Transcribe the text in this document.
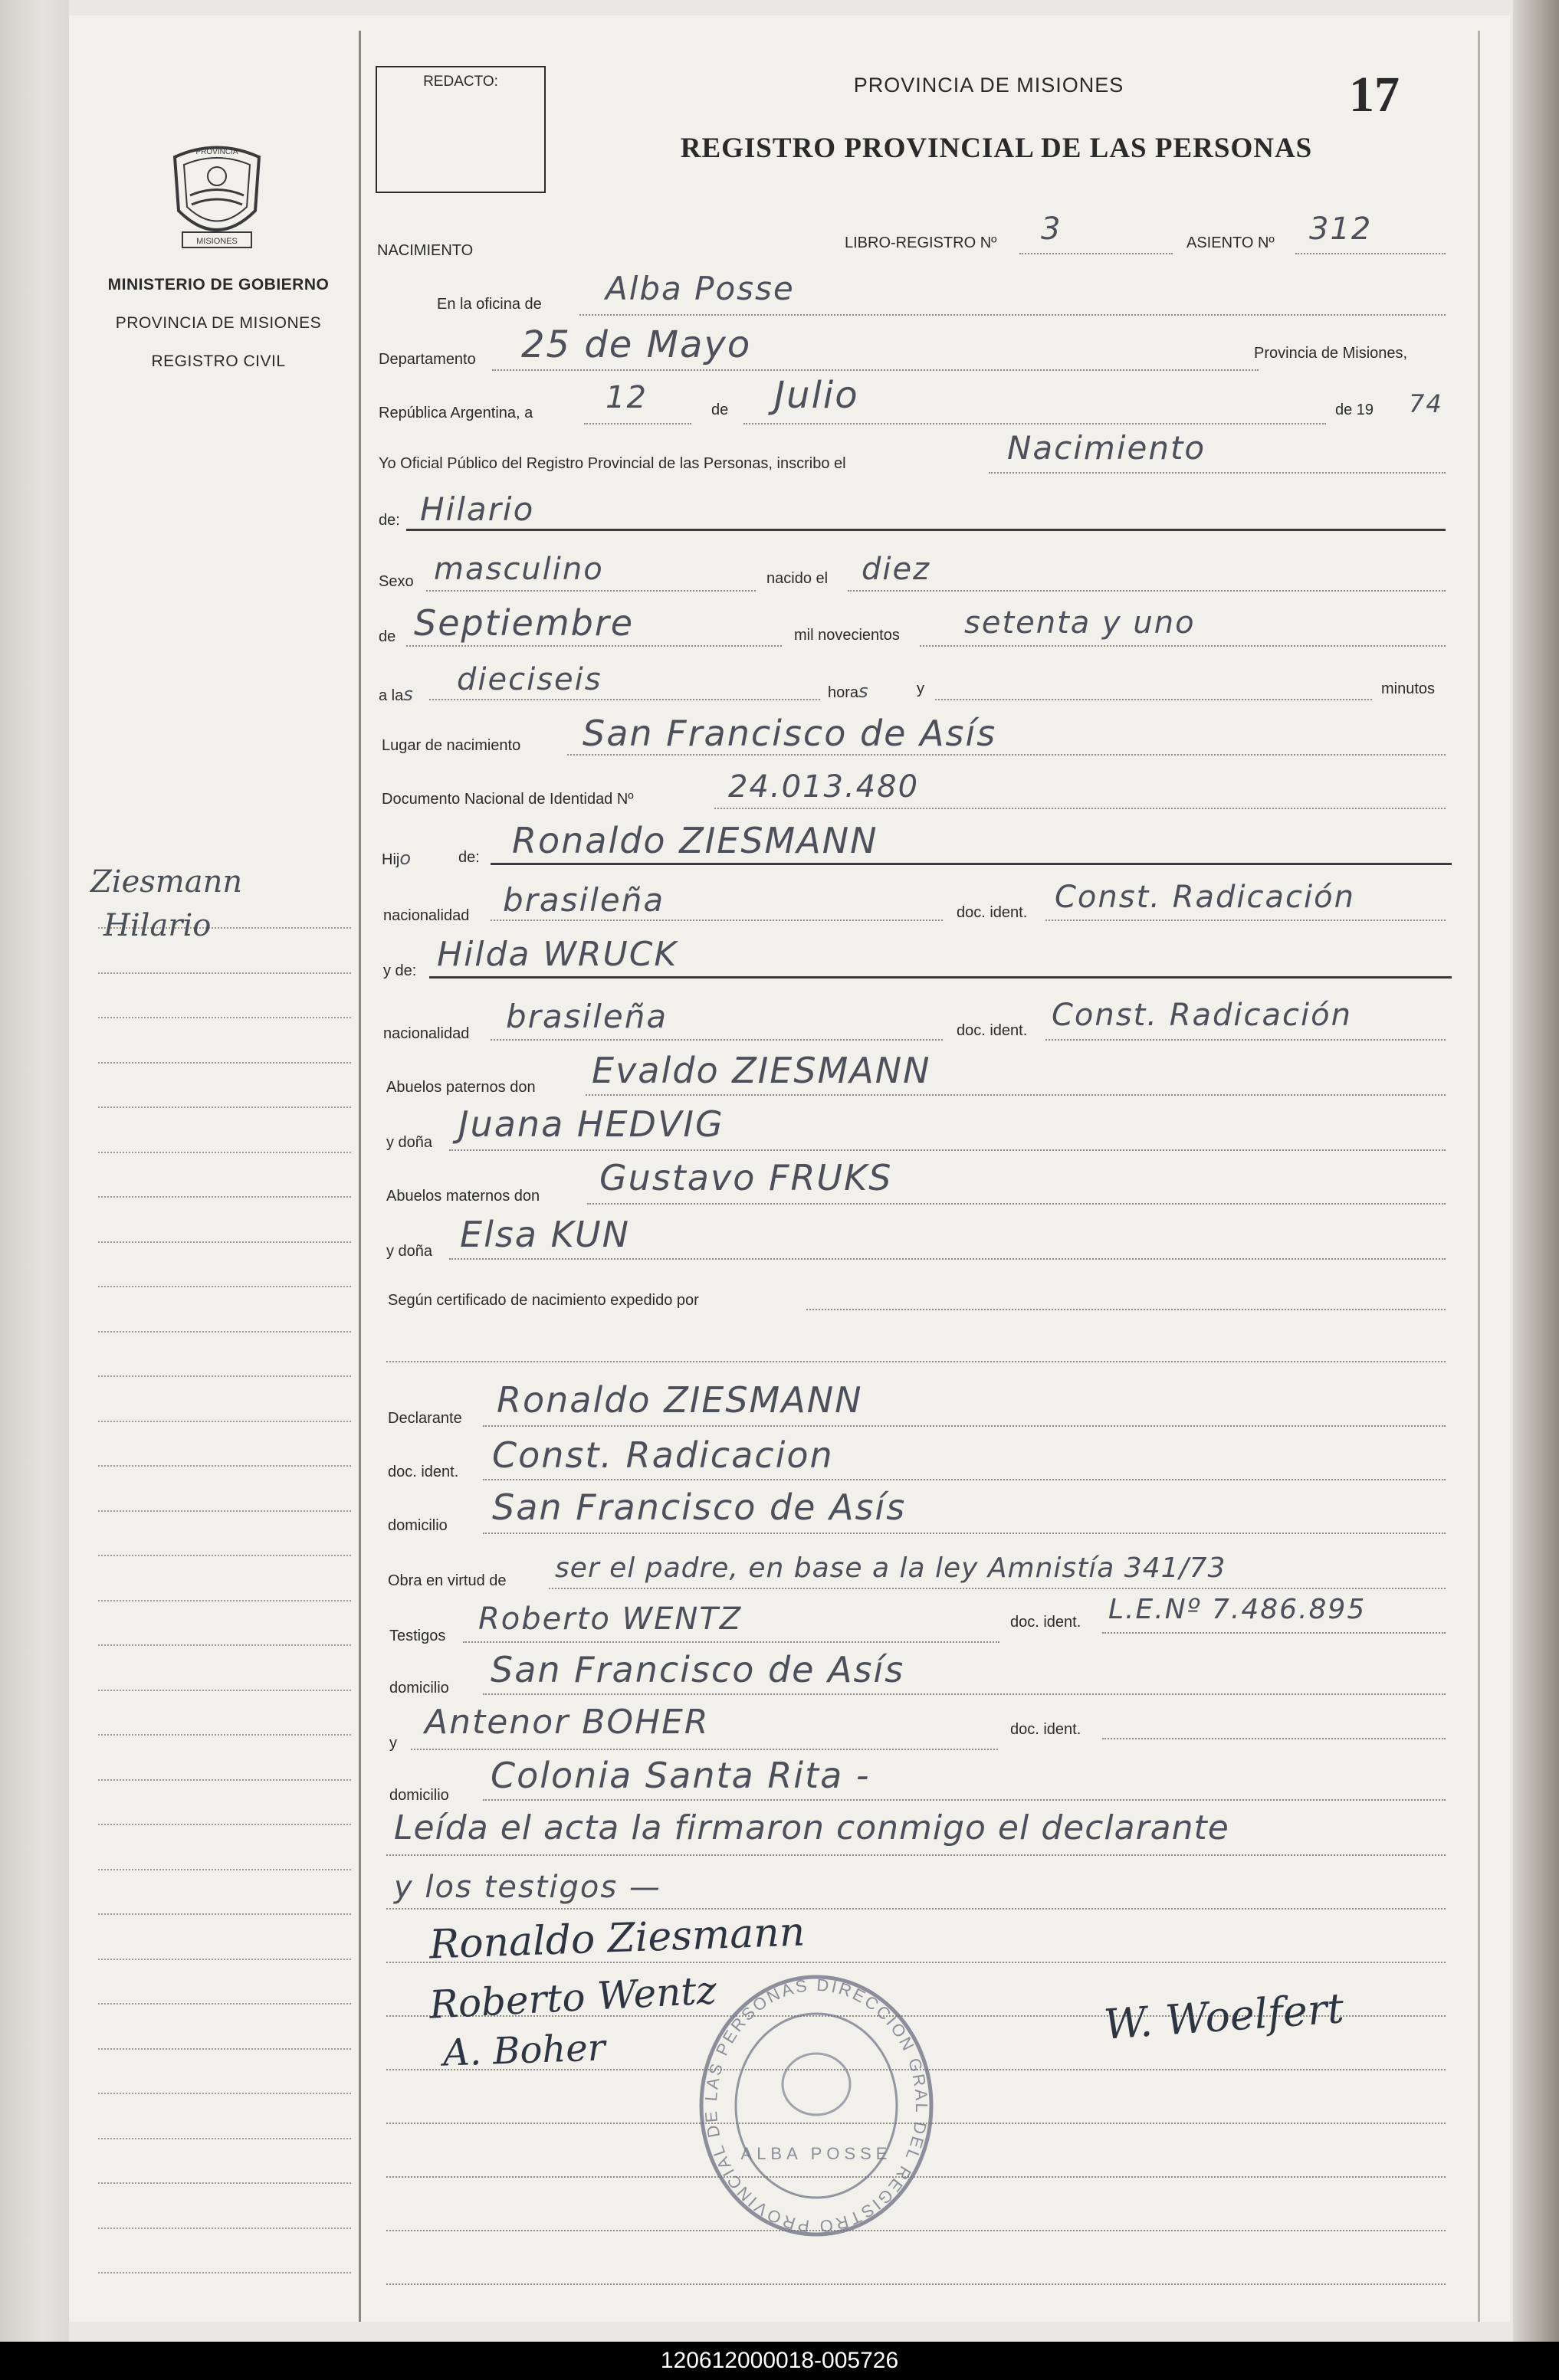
PROVINCIA
MISIONES
MINISTERIO DE GOBIERNO
PROVINCIA DE MISIONES
REGISTRO CIVIL
Ziesmann
Hilario
REDACTO:	PROVINCIA DE MISIONES
REGISTRO PROVINCIAL DE LAS PERSONAS
17
NACIMIENTO	LIBRO-REGISTRO Nº 3	ASIENTO Nº 312
En la oficina de Alba Posse
Departamento 25 de Mayo	Provincia de Misiones,
República Argentina, a 12	de Julio	de 19 74
Yo Oficial Público del Registro Provincial de las Personas, inscribo el	Nacimiento
de: Hilario
Sexo masculino	nacido el diez
de Septiembre	mil novecientos setenta y uno
a las dieciseis	horas	y	minutos
Lugar de nacimiento San Francisco de Asís
Documento Nacional de Identidad Nº	24.013.480
Hijo	de: Ronaldo ZIESMANN
nacionalidad brasileña	doc. ident. Const. Radicación
y de: Hilda WRUCK
nacionalidad brasileña	doc. ident. Const. Radicación
Abuelos paternos don Evaldo ZIESMANN
y doña Juana HEDVIG
Abuelos maternos don Gustavo FRUKS
y doña Elsa KUN
Según certificado de nacimiento expedido por
Declarante Ronaldo ZIESMANN
doc. ident. Const. Radicacion
domicilio San Francisco de Asís
Obra en virtud de ser el padre, en base a la ley Amnistía 341/73
Testigos Roberto WENTZ	doc. ident. L.E.Nº 7.486.895
domicilio San Francisco de Asís
y
Antenor BOHER	doc. ident.
domicilio Colonia Santa Rita -
Leída el acta la firmaron conmigo el declarante
y los testigos —
Ronaldo Ziesmann
Roberto Wentz
A. Boher
W. Woelfert
DIRECCION GRAL DEL REGISTRO PROVINCIAL DE LAS PERSONAS
ALBA POSSE
120612000018-005726
